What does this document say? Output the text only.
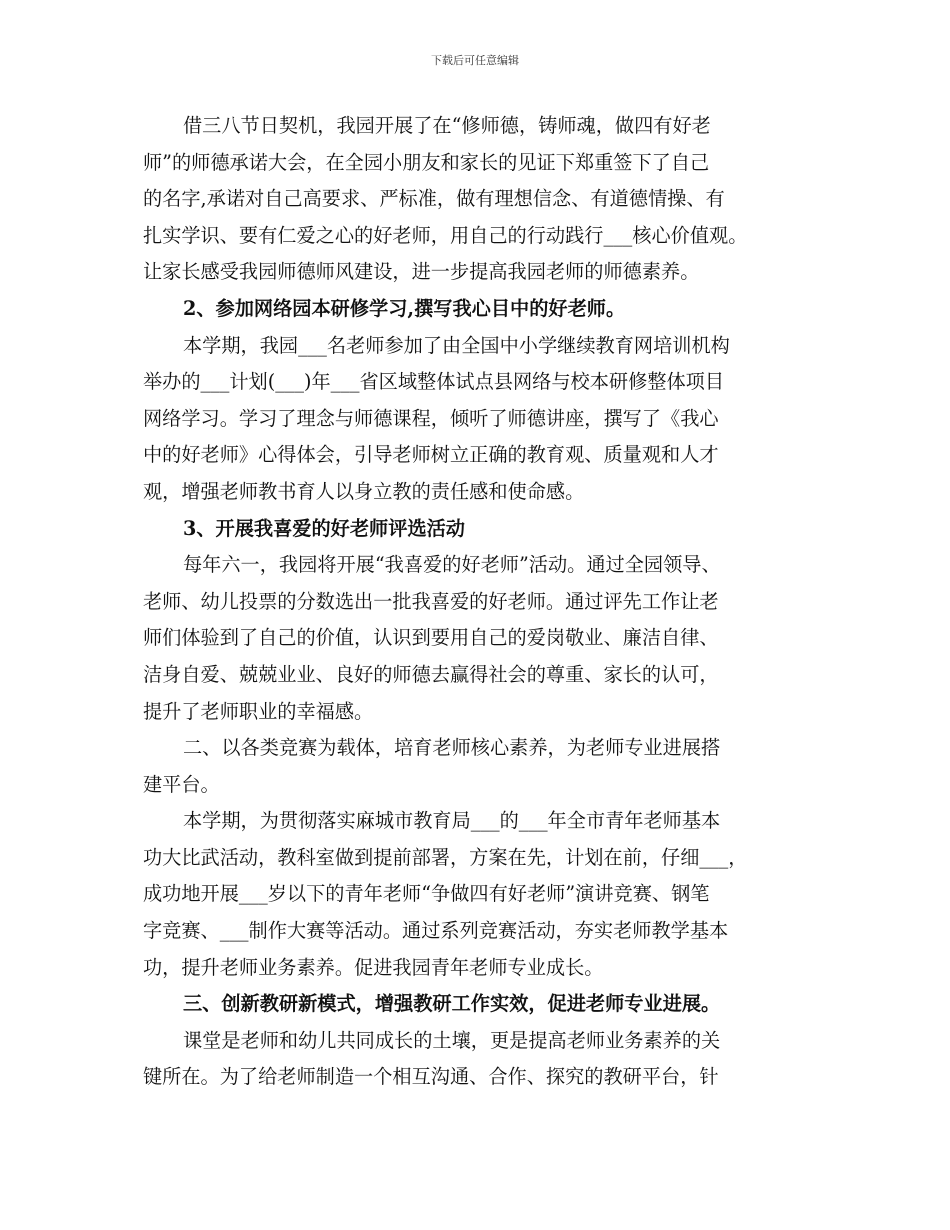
下载后可任意编辑
借三八节日契机，我园开展了在“修师德，铸师魂，做四有好老
师”的师德承诺大会，在全园小朋友和家长的见证下郑重签下了自己
的名字,承诺对自己高要求、严标准，做有理想信念、有道德情操、有
扎实学识、要有仁爱之心的好老师，用自己的行动践行___核心价值观。
让家长感受我园师德师风建设，进一步提高我园老师的师德素养。
2、参加网络园本研修学习,撰写我心目中的好老师。
本学期，我园___名老师参加了由全国中小学继续教育网培训机构
举办的___计划(___)年___省区域整体试点县网络与校本研修整体项目
网络学习。学习了理念与师德课程，倾听了师德讲座，撰写了《我心
中的好老师》心得体会，引导老师树立正确的教育观、质量观和人才
观，增强老师教书育人以身立教的责任感和使命感。
3、开展我喜爱的好老师评选活动
每年六一，我园将开展“我喜爱的好老师”活动。通过全园领导、
老师、幼儿投票的分数选出一批我喜爱的好老师。通过评先工作让老
师们体验到了自己的价值，认识到要用自己的爱岗敬业、廉洁自律、
洁身自爱、兢兢业业、良好的师德去赢得社会的尊重、家长的认可，
提升了老师职业的幸福感。
二、以各类竞赛为载体，培育老师核心素养，为老师专业进展搭
建平台。
本学期，为贯彻落实麻城市教育局___的___年全市青年老师基本
功大比武活动，教科室做到提前部署，方案在先，计划在前，仔细___，
成功地开展___岁以下的青年老师“争做四有好老师”演讲竞赛、钢笔
字竞赛、___制作大赛等活动。通过系列竞赛活动，夯实老师教学基本
功，提升老师业务素养。促进我园青年老师专业成长。
三、创新教研新模式，增强教研工作实效，促进老师专业进展。
课堂是老师和幼儿共同成长的土壤，更是提高老师业务素养的关
键所在。为了给老师制造一个相互沟通、合作、探究的教研平台，针
